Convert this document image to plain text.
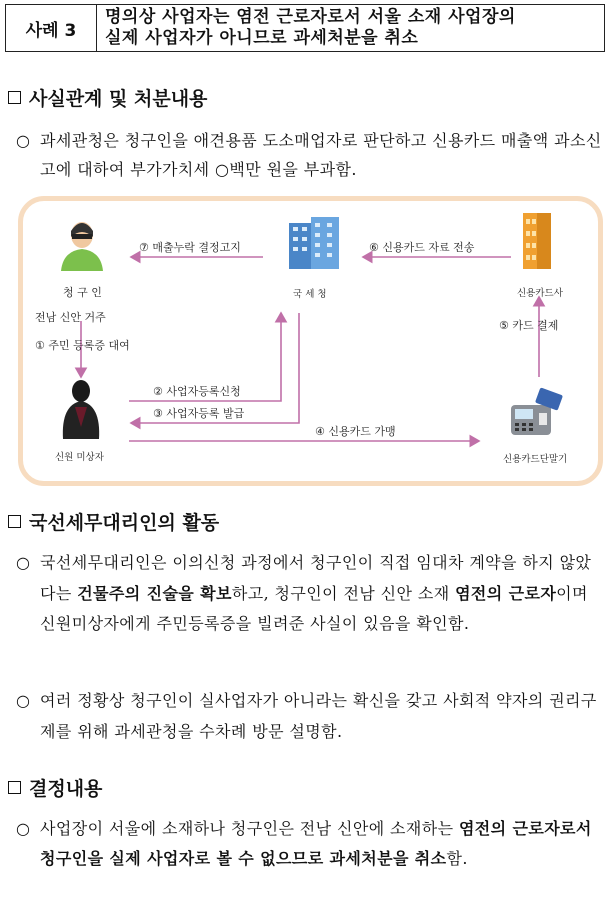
사례 3
명의상 사업자는 염전 근로자로서 서울 소재 사업장의
실제 사업자가 아니므로 과세처분을 취소
사실관계 및 처분내용
○ 과세관청은 청구인을 애견용품 도소매업자로 판단하고 신용카드 매출액 과소신고에 대하여 부가가치세 ○백만 원을 부과함.
청 구 인
전남 신안 거주
국 세 청	신용카드사
신원 미상자	신용카드단말기
⑦ 매출누락 결정고지	⑥ 신용카드 자료 전송
① 주민 등록증 대여
② 사업자등록신청
③ 사업자등록 발급
④ 신용카드 가맹
⑤ 카드 결제
국선세무대리인의 활동
○ 국선세무대리인은 이의신청 과정에서 청구인이 직접 임대차 계약을 하지 않았다는 건물주의 진술을 확보하고, 청구인이 전남 신안 소재 염전의 근로자이며 신원미상자에게 주민등록증을 빌려준 사실이 있음을 확인함.
○ 여러 정황상 청구인이 실사업자가 아니라는 확신을 갖고 사회적 약자의 권리구제를 위해 과세관청을 수차례 방문 설명함.
결정내용
○ 사업장이 서울에 소재하나 청구인은 전남 신안에 소재하는 염전의 근로자로서 청구인을 실제 사업자로 볼 수 없으므로 과세처분을 취소함.
